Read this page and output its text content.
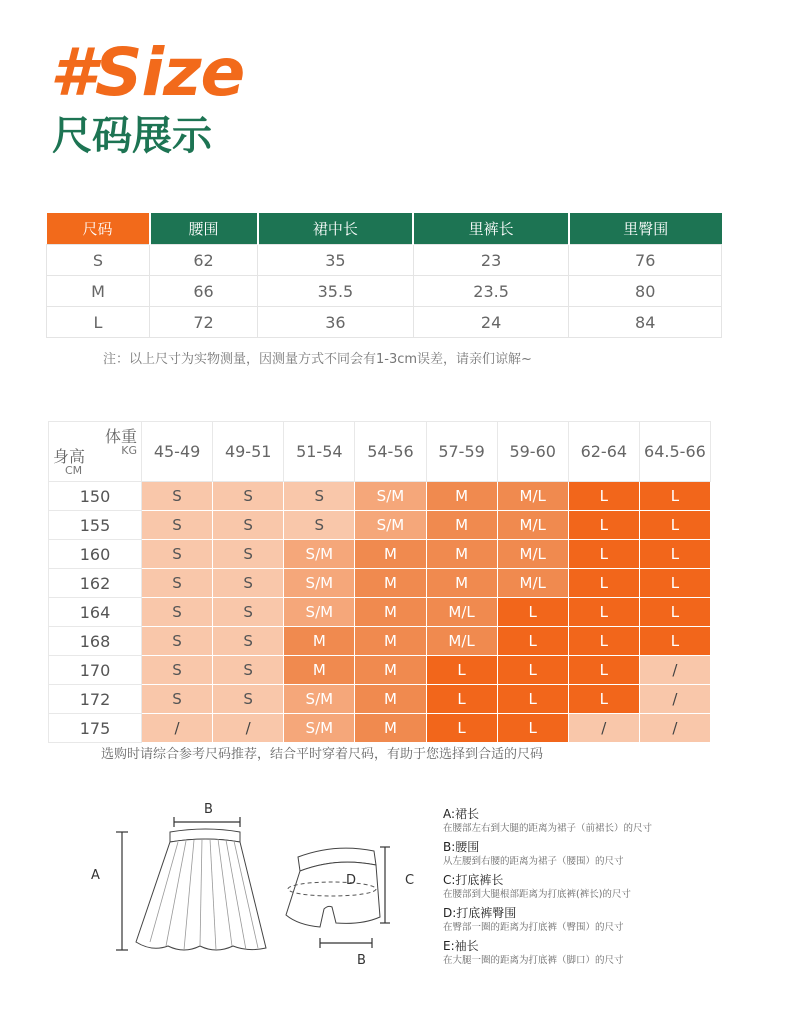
#Size
尺码展示
尺码	腰围	裙中长	里裤长	里臀围
S	62	35	23	76
M	66	35.5	23.5	80
L	72	36	24	84
注：以上尺寸为实物测量，因测量方式不同会有1-3cm误差，请亲们谅解~
体重
KG
身高
CM	45-49	49-51	51-54	54-56	57-59	59-60	62-64	64.5-66
150	S	S	S	S/M	M	M/L	L	L
155	S	S	S	S/M	M	M/L	L	L
160	S	S	S/M	M	M	M/L	L	L
162	S	S	S/M	M	M	M/L	L	L
164	S	S	S/M	M	M/L	L	L	L
168	S	S	M	M	M/L	L	L	L
170	S	S	M	M	L	L	L	/
172	S	S	S/M	M	L	L	L	/
175	/	/	S/M	M	L	L	/	/
选购时请综合参考尺码推荐，结合平时穿着尺码，有助于您选择到合适的尺码
B
A	D	C
B
A:裙长
在腰部左右到大腿的距离为裙子（前裙长）的尺寸
B:腰围
从左腰到右腰的距离为裙子（腰围）的尺寸
C:打底裤长
在腰部到大腿根部距离为打底裤(裤长)的尺寸
D:打底裤臀围
在臀部一圈的距离为打底裤（臀围）的尺寸
E:袖长
在大腿一圈的距离为打底裤（脚口）的尺寸
